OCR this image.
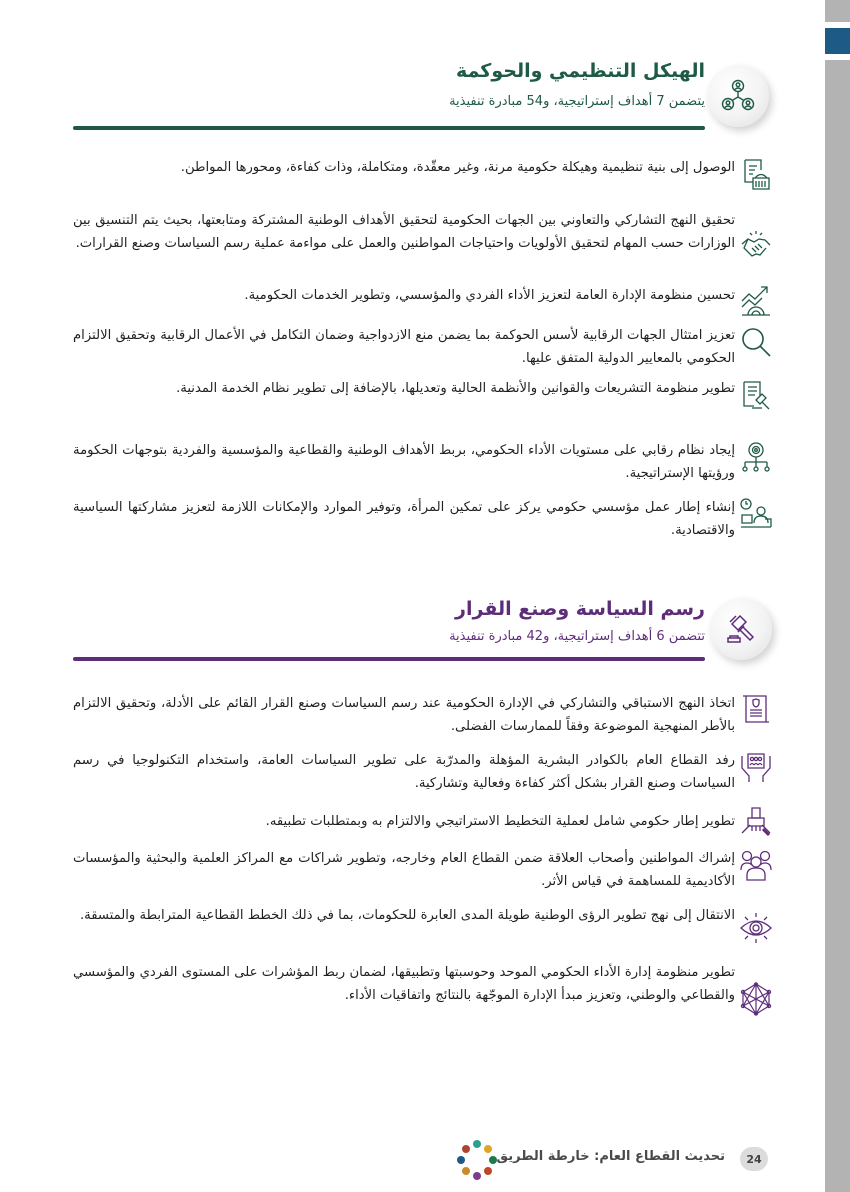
الهيكل التنظيمي والحوكمة
يتضمن 7 أهداف إستراتيجية، و54 مبادرة تنفيذية
الوصول إلى بنية تنظيمية وهيكلة حكومية مرنة، وغير معقّدة، ومتكاملة، وذات كفاءة، ومحورها المواطن.
تحقيق النهج التشاركي والتعاوني بين الجهات الحكومية لتحقيق الأهداف الوطنية المشتركة ومتابعتها، بحيث يتم التنسيق بين الوزارات حسب المهام لتحقيق الأولويات واحتياجات المواطنين والعمل على مواءمة عملية رسم السياسات وصنع القرارات.
تحسين منظومة الإدارة العامة لتعزيز الأداء الفردي والمؤسسي، وتطوير الخدمات الحكومية.
تعزيز امتثال الجهات الرقابية لأسس الحوكمة بما يضمن منع الازدواجية وضمان التكامل في الأعمال الرقابية وتحقيق الالتزام الحكومي بالمعايير الدولية المتفق عليها.
تطوير منظومة التشريعات والقوانين والأنظمة الحالية وتعديلها، بالإضافة إلى تطوير نظام الخدمة المدنية.
إيجاد نظام رقابي على مستويات الأداء الحكومي، بربط الأهداف الوطنية والقطاعية والمؤسسية والفردية بتوجهات الحكومة ورؤيتها الإستراتيجية.
إنشاء إطار عمل مؤسسي حكومي يركز على تمكين المرأة، وتوفير الموارد والإمكانات اللازمة لتعزيز مشاركتها السياسية والاقتصادية.
رسم السياسة وصنع القرار
تتضمن 6 أهداف إستراتيجية، و42 مبادرة تنفيذية
اتخاذ النهج الاستباقي والتشاركي في الإدارة الحكومية عند رسم السياسات وصنع القرار القائم على الأدلة، وتحقيق الالتزام بالأطر المنهجية الموضوعة وفقاً للممارسات الفضلى.
رفد القطاع العام بالكوادر البشرية المؤهلة والمدرّبة على تطوير السياسات العامة، واستخدام التكنولوجيا في رسم السياسات وصنع القرار بشكل أكثر كفاءة وفعالية وتشاركية.
تطوير إطار حكومي شامل لعملية التخطيط الاستراتيجي والالتزام به وبمتطلبات تطبيقه.
إشراك المواطنين وأصحاب العلاقة ضمن القطاع العام وخارجه، وتطوير شراكات مع المراكز العلمية والبحثية والمؤسسات الأكاديمية للمساهمة في قياس الأثر.
الانتقال إلى نهج تطوير الرؤى الوطنية طويلة المدى العابرة للحكومات، بما في ذلك الخطط القطاعية المترابطة والمتسقة.
تطوير منظومة إدارة الأداء الحكومي الموحد وحوسبتها وتطبيقها، لضمان ربط المؤشرات على المستوى الفردي والمؤسسي والقطاعي والوطني، وتعزيز مبدأ الإدارة الموجّهة بالنتائج واتفاقيات الأداء.
24
تحديث القطاع العام: خارطة الطريق
